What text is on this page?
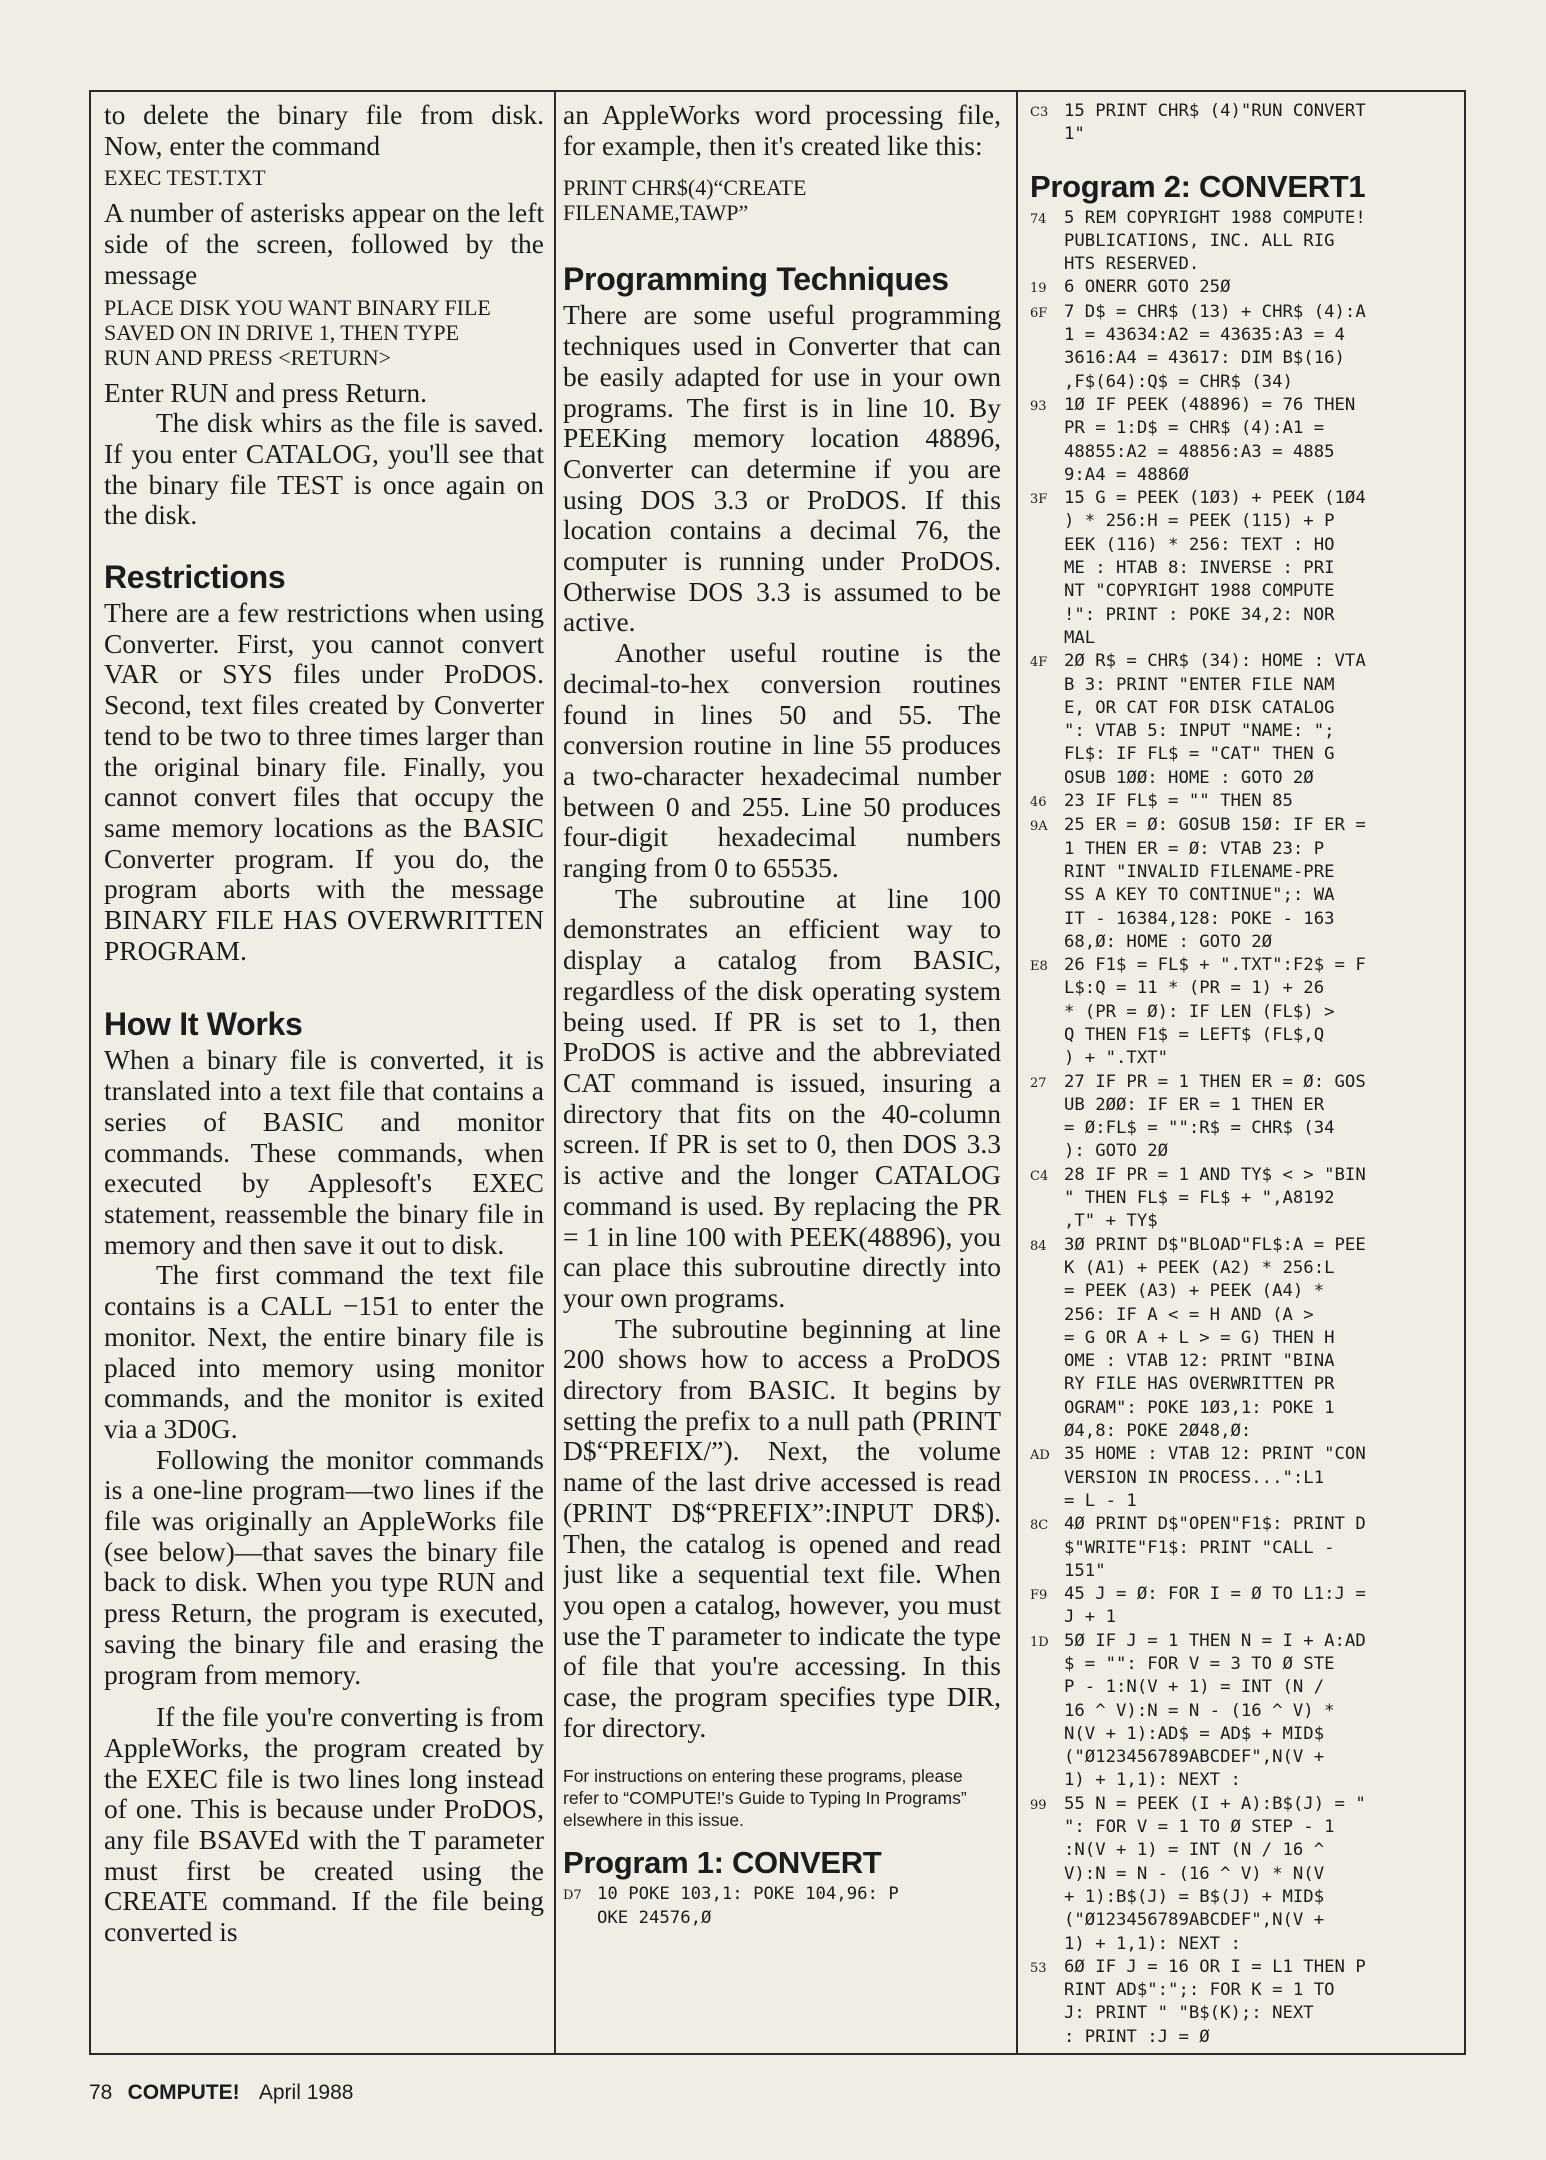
to delete the binary file from disk. Now, enter the command

EXEC TEST.TXT

A number of asterisks appear on the left side of the screen, followed by the message

PLACE DISK YOU WANT BINARY FILE
SAVED ON IN DRIVE 1, THEN TYPE
RUN AND PRESS <RETURN>

Enter RUN and press Return.

The disk whirs as the file is saved. If you enter CATALOG, you'll see that the binary file TEST is once again on the disk.

Restrictions

There are a few restrictions when using Converter. First, you cannot convert VAR or SYS files under ProDOS. Second, text files created by Converter tend to be two to three times larger than the original binary file. Finally, you cannot convert files that occupy the same memory locations as the BASIC Converter program. If you do, the program aborts with the message BINARY FILE HAS OVERWRITTEN PROGRAM.

How It Works

When a binary file is converted, it is translated into a text file that contains a series of BASIC and monitor commands. These commands, when executed by Applesoft's EXEC statement, reassemble the binary file in memory and then save it out to disk.

The first command the text file contains is a CALL −151 to enter the monitor. Next, the entire binary file is placed into memory using monitor commands, and the monitor is exited via a 3D0G.

Following the monitor commands is a one-line program—two lines if the file was originally an AppleWorks file (see below)—that saves the binary file back to disk. When you type RUN and press Return, the program is executed, saving the binary file and erasing the program from memory.

If the file you're converting is from AppleWorks, the program created by the EXEC file is two lines long instead of one. This is because under ProDOS, any file BSAVEd with the T parameter must first be created using the CREATE command. If the file being converted is

an AppleWorks word processing file, for example, then it's created like this:

PRINT CHR$(4)“CREATE
FILENAME,TAWP”

Programming Techniques

There are some useful programming techniques used in Converter that can be easily adapted for use in your own programs. The first is in line 10. By PEEKing memory location 48896, Converter can determine if you are using DOS 3.3 or ProDOS. If this location contains a decimal 76, the computer is running under ProDOS. Otherwise DOS 3.3 is assumed to be active.

Another useful routine is the decimal-to-hex conversion routines found in lines 50 and 55. The conversion routine in line 55 produces a two-character hexadecimal number between 0 and 255. Line 50 produces four-digit hexadecimal numbers ranging from 0 to 65535.

The subroutine at line 100 demonstrates an efficient way to display a catalog from BASIC, regardless of the disk operating system being used. If PR is set to 1, then ProDOS is active and the abbreviated CAT command is issued, insuring a directory that fits on the 40-column screen. If PR is set to 0, then DOS 3.3 is active and the longer CATALOG command is used. By replacing the PR = 1 in line 100 with PEEK(48896), you can place this subroutine directly into your own programs.

The subroutine beginning at line 200 shows how to access a ProDOS directory from BASIC. It begins by setting the prefix to a null path (PRINT D$“PREFIX/”). Next, the volume name of the last drive accessed is read (PRINT D$“PREFIX”:INPUT DR$). Then, the catalog is opened and read just like a sequential text file. When you open a catalog, however, you must use the T parameter to indicate the type of file that you're accessing. In this case, the program specifies type DIR, for directory.

For instructions on entering these programs, please refer to “COMPUTE!'s Guide to Typing In Programs” elsewhere in this issue.
Program 1: CONVERT
D7 10 POKE 103,1: POKE 104,96: P
OKE 24576,Ø
C3 15 PRINT CHR$ (4)"RUN CONVERT
1"
Program 2: CONVERT1
74	5 REM COPYRIGHT 1988 COMPUTE!
PUBLICATIONS, INC. ALL RIG
HTS RESERVED.
19	6 ONERR GOTO 25Ø
6F 7 D$ = CHR$ (13) + CHR$ (4):A
1 = 43634:A2 = 43635:A3 = 4
3616:A4 = 43617: DIM B$(16)
,F$(64):Q$ = CHR$ (34)
93	1Ø IF PEEK (48896) = 76 THEN
PR = 1:D$ = CHR$ (4):A1 =
48855:A2 = 48856:A3 = 4885
9:A4 = 4886Ø
3F 15 G = PEEK (1Ø3) + PEEK (1Ø4
) * 256:H = PEEK (115) + P
EEK (116) * 256: TEXT : HO
ME : HTAB 8: INVERSE : PRI
NT "COPYRIGHT 1988 COMPUTE
!": PRINT : POKE 34,2: NOR
MAL
4F 2Ø R$ = CHR$ (34): HOME : VTA
B 3: PRINT "ENTER FILE NAM
E, OR CAT FOR DISK CATALOG
": VTAB 5: INPUT "NAME: ";
FL$: IF FL$ = "CAT" THEN G
OSUB 1ØØ: HOME : GOTO 2Ø
46	23 IF FL$ = "" THEN 85
9A 25 ER = Ø: GOSUB 15Ø: IF ER =
1 THEN ER = Ø: VTAB 23: P
RINT "INVALID FILENAME-PRE
SS A KEY TO CONTINUE";: WA
IT - 16384,128: POKE - 163
68,Ø: HOME : GOTO 2Ø
E8 26 F1$ = FL$ + ".TXT":F2$ = F
L$:Q = 11 * (PR = 1) + 26
* (PR = Ø): IF LEN (FL$) >
Q THEN F1$ = LEFT$ (FL$,Q
) + ".TXT"
27	27 IF PR = 1 THEN ER = Ø: GOS
UB 2ØØ: IF ER = 1 THEN ER
= Ø:FL$ = "":R$ = CHR$ (34
): GOTO 2Ø
C4 28 IF PR = 1 AND TY$ < > "BIN
" THEN FL$ = FL$ + ",A8192
,T" + TY$
84	3Ø PRINT D$"BLOAD"FL$:A = PEE
K (A1) + PEEK (A2) * 256:L
= PEEK (A3) + PEEK (A4) *
256: IF A < = H AND (A >
= G OR A + L > = G) THEN H
OME : VTAB 12: PRINT "BINA
RY FILE HAS OVERWRITTEN PR
OGRAM": POKE 1Ø3,1: POKE 1
Ø4,8: POKE 2Ø48,Ø:
AD 35 HOME : VTAB 12: PRINT "CON
VERSION IN PROCESS...":L1
= L - 1
8C 4Ø PRINT D$"OPEN"F1$: PRINT D
$"WRITE"F1$: PRINT "CALL -
151"
F9 45 J = Ø: FOR I = Ø TO L1:J =
J + 1
1D 5Ø IF J = 1 THEN N = I + A:AD
$ = "": FOR V = 3 TO Ø STE
P - 1:N(V + 1) = INT (N /
16 ^ V):N = N - (16 ^ V) *
N(V + 1):AD$ = AD$ + MID$
("Ø123456789ABCDEF",N(V +
1) + 1,1): NEXT :
99	55 N = PEEK (I + A):B$(J) = "
": FOR V = 1 TO Ø STEP - 1
:N(V + 1) = INT (N / 16 ^
V):N = N - (16 ^ V) * N(V
+ 1):B$(J) = B$(J) + MID$
("Ø123456789ABCDEF",N(V +
1) + 1,1): NEXT :
53	6Ø IF J = 16 OR I = L1 THEN P
RINT AD$":";: FOR K = 1 TO
J: PRINT " "B$(K);: NEXT
: PRINT :J = Ø
78 COMPUTE! April 1988
